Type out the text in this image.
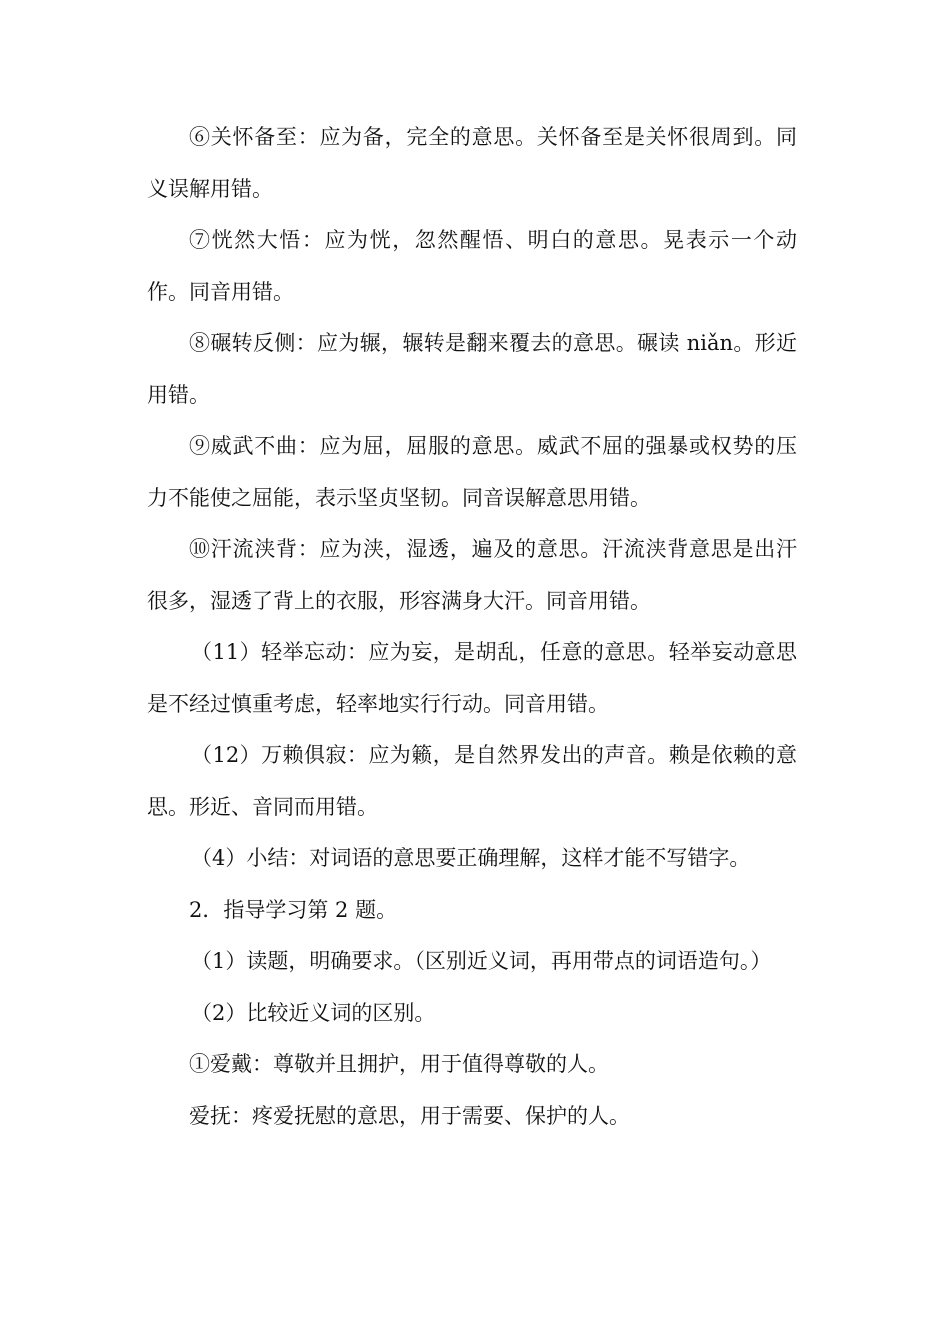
⑥关怀备至：应为备，完全的意思。关怀备至是关怀很周到。同义误解用错。

⑦恍然大悟：应为恍，忽然醒悟、明白的意思。晃表示一个动作。同音用错。

⑧碾转反侧：应为辗，辗转是翻来覆去的意思。碾读 niǎn。形近用错。

⑨威武不曲：应为屈，屈服的意思。威武不屈的强暴或权势的压力不能使之屈能，表示坚贞坚韧。同音误解意思用错。

⑩汗流浃背：应为浃，湿透，遍及的意思。汗流浃背意思是出汗很多，湿透了背上的衣服，形容满身大汗。同音用错。

（11）轻举忘动：应为妄，是胡乱，任意的意思。轻举妄动意思是不经过慎重考虑，轻率地实行行动。同音用错。

（12）万赖俱寂：应为籁，是自然界发出的声音。赖是依赖的意思。形近、音同而用错。

（4）小结：对词语的意思要正确理解，这样才能不写错字。

2．指导学习第 2 题。

（1）读题，明确要求。（区别近义词，再用带点的词语造句。）

（2）比较近义词的区别。

①爱戴：尊敬并且拥护，用于值得尊敬的人。

爱抚：疼爱抚慰的意思，用于需要、保护的人。
